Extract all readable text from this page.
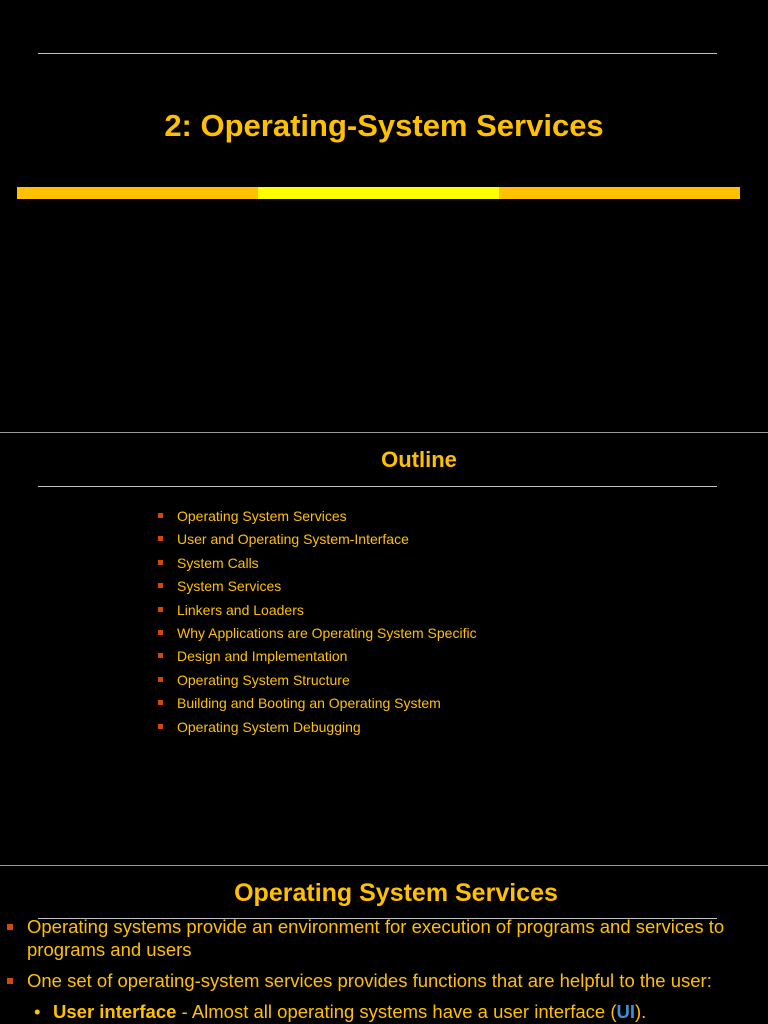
2: Operating-System Services
Outline
Operating System Services
User and Operating System-Interface
System Calls
System Services
Linkers and Loaders
Why Applications are Operating System Specific
Design and Implementation
Operating System Structure
Building and Booting an Operating System
Operating System Debugging
Operating System Services
Operating systems provide an environment for execution of programs and services to programs and users
One set of operating-system services provides functions that are helpful to the user:
• User interface - Almost all operating systems have a user interface (UI).
